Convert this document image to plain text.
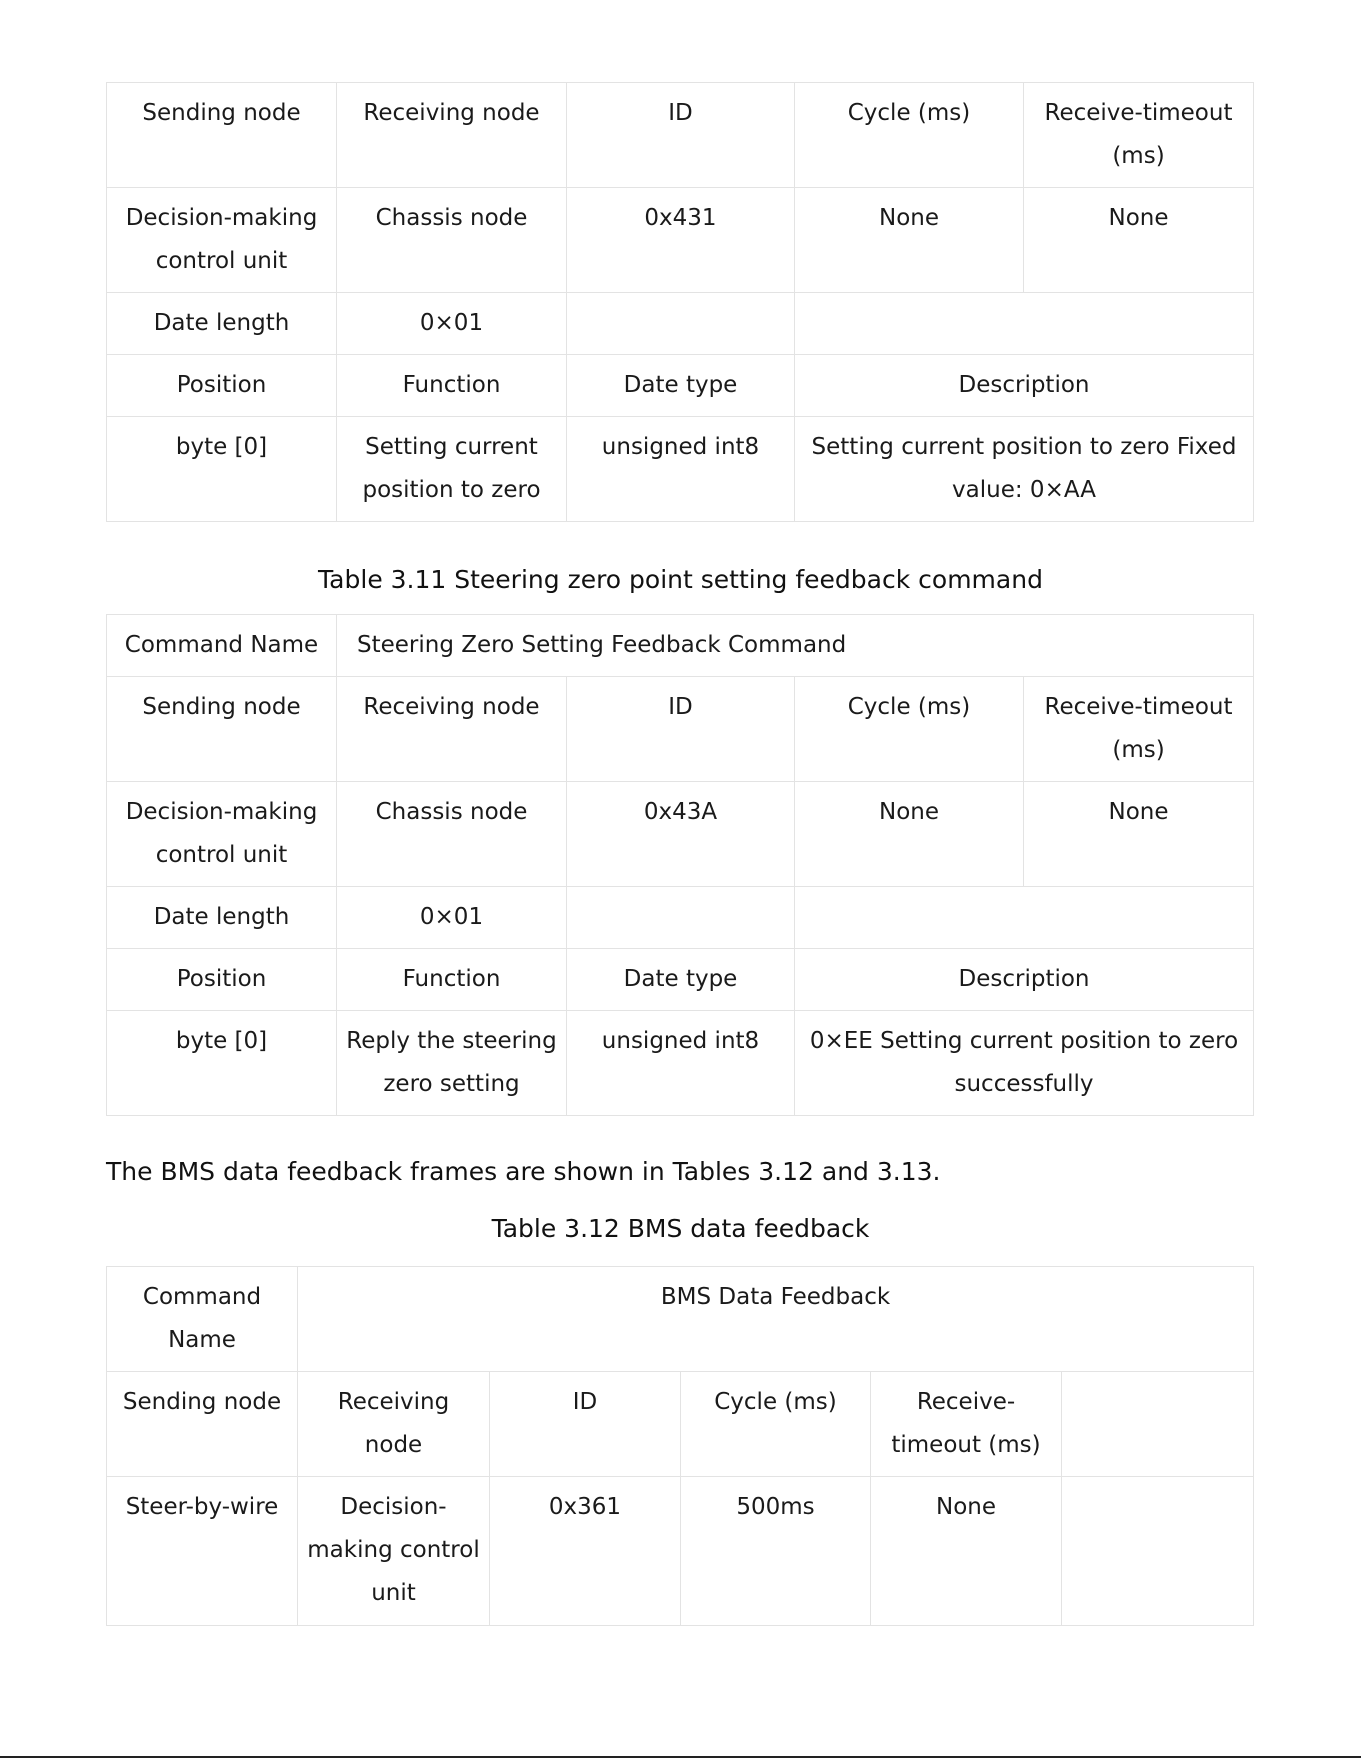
Sending node	Receiving node	ID	Cycle (ms)	Receive-timeout (ms)
Decision-making control unit	Chassis node	0x431	None	None
Date length	0×01			
Position	Function	Date type	Description	
byte [0]	Setting current position to zero	unsigned int8	Setting current position to zero Fixed value: 0×AA	
Table 3.11 Steering zero point setting feedback command
Command Name	Steering Zero Setting Feedback Command			
Sending node	Receiving node	ID	Cycle (ms)	Receive-timeout (ms)
Decision-making control unit	Chassis node	0x43A	None	None
Date length	0×01			
Position	Function	Date type	Description	
byte [0]	Reply the steering zero setting	unsigned int8	0×EE Setting current position to zero successfully	
The BMS data feedback frames are shown in Tables 3.12 and 3.13.
Table 3.12 BMS data feedback
Command Name	BMS Data Feedback				
Sending node	Receiving node	ID	Cycle (ms)	Receive-timeout (ms)	
Steer-by-wire	Decision-making control unit	0x361	500ms	None	
